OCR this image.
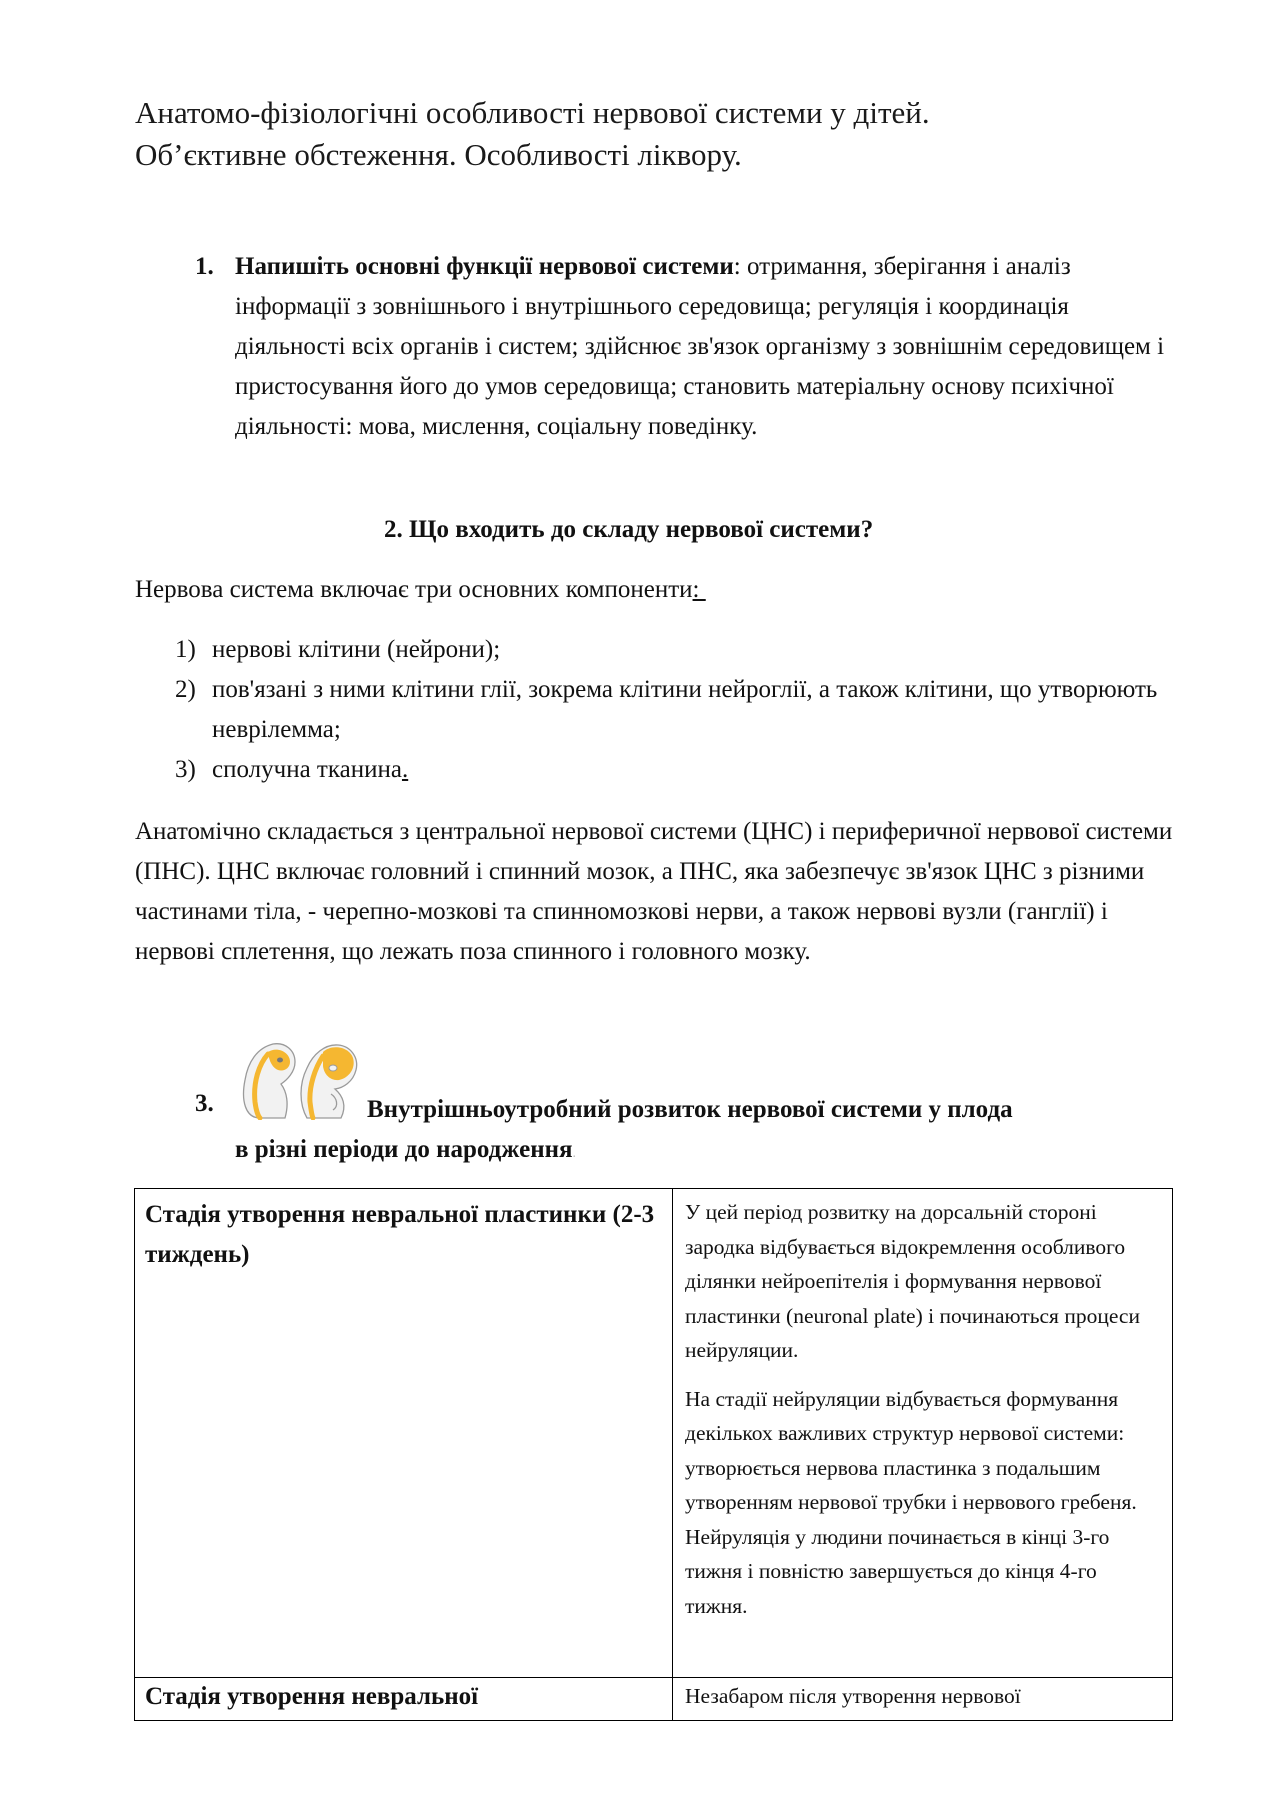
Анатомо-фізіологічні особливості нервової системи у дітей.
Об’єктивне обстеження. Особливості ліквору.
1. Напишіть основні функції нервової системи: отримання, зберігання і аналіз інформації з зовнішнього і внутрішнього середовища; регуляція і координація діяльності всіх органів і систем; здійснює зв'язок організму з зовнішнім середовищем і пристосування його до умов середовища; становить матеріальну основу психічної діяльності: мова, мислення, соціальну поведінку.
2. Що входить до складу нервової системи?
Нервова система включає три основних компоненти:
1) нервові клітини (нейрони);
2) пов'язані з ними клітини глії, зокрема клітини нейроглії, а також клітини, що утворюють неврілемма;
3) сполучна тканина.
Анатомічно складається з центральної нервової системи (ЦНС) і периферичної нервової системи (ПНС). ЦНС включає головний і спинний мозок, а ПНС, яка забезпечує зв'язок ЦНС з різними частинами тіла, - черепно-мозкові та спинномозкові нерви, а також нервові вузли (ганглії) і нервові сплетення, що лежать поза спинного і головного мозку.
3.	Внутрішньоутробний розвиток нервової системи у плода
в різні періоди до народження.
Стадія утворення невральної пластинки (2-3 тиждень)	У цей період розвитку на дорсальній стороні зародка відбувається відокремлення особливого ділянки нейроепітелія і формування нервової пластинки (neuronal plate) і починаються процеси нейруляции.

На стадії нейруляции відбувається формування декількох важливих структур нервової системи: утворюється нервова пластинка з подальшим утворенням нервової трубки і нервового гребеня. Нейруляція у людини починається в кінці 3-го тижня і повністю завершується до кінця 4-го тижня.

Стадія утворення невральної	Незабаром після утворення нервової
